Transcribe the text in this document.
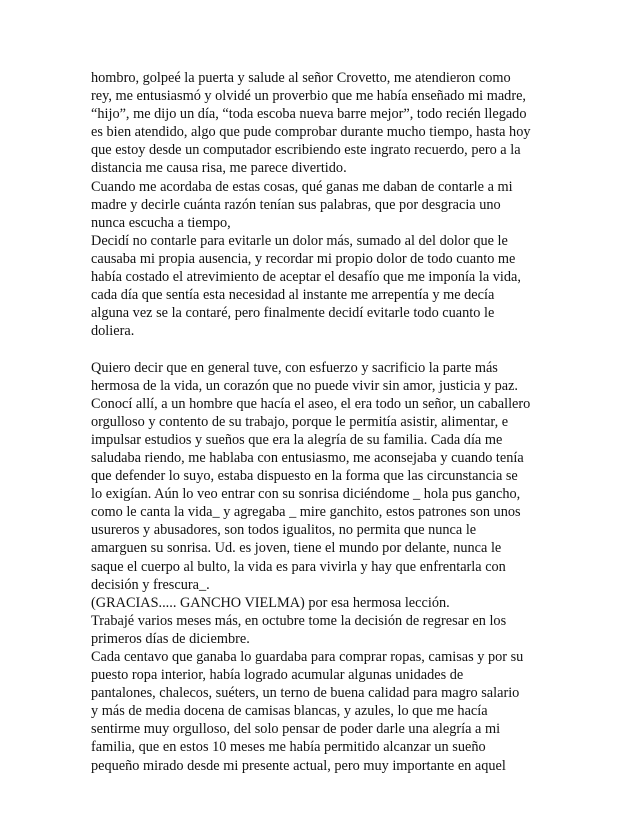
hombro, golpeé la puerta y salude al señor Crovetto, me atendieron como
rey, me entusiasmó y olvidé un proverbio que me había enseñado mi madre,
“hijo”, me dijo un día, “toda escoba nueva barre mejor”, todo recién llegado
es bien atendido, algo que pude comprobar durante mucho tiempo, hasta hoy
que estoy desde un computador escribiendo este ingrato recuerdo, pero a la
distancia me causa risa, me parece divertido.
Cuando me acordaba de estas cosas, qué ganas me daban de contarle a mi
madre y decirle cuánta razón tenían sus palabras, que por desgracia uno
nunca escucha a tiempo,
Decidí no contarle para evitarle un dolor más, sumado al del dolor que le
causaba mi propia ausencia, y recordar mi propio dolor de todo cuanto me
había costado el atrevimiento de aceptar el desafío que me imponía la vida,
cada día que sentía esta necesidad al instante me arrepentía y me decía
alguna vez se la contaré, pero finalmente decidí evitarle todo cuanto le
doliera.
Quiero decir que en general tuve, con esfuerzo y sacrificio la parte más
hermosa de la vida, un corazón que no puede vivir sin amor, justicia y paz.
Conocí allí, a un hombre que hacía el aseo, el era todo un señor, un caballero
orgulloso y contento de su trabajo, porque le permitía asistir, alimentar, e
impulsar estudios y sueños que era la alegría de su familia. Cada día me
saludaba riendo, me hablaba con entusiasmo, me aconsejaba y cuando tenía
que defender lo suyo, estaba dispuesto en la forma que las circunstancia se
lo exigían. Aún lo veo entrar con su sonrisa diciéndome _ hola pus gancho,
como le canta la vida_ y agregaba _ mire ganchito, estos patrones son unos
usureros y abusadores, son todos igualitos, no permita que nunca le
amarguen su sonrisa. Ud. es joven, tiene el mundo por delante, nunca le
saque el cuerpo al bulto, la vida es para vivirla y hay que enfrentarla con
decisión y frescura_.
(GRACIAS..... GANCHO VIELMA) por esa hermosa lección.
Trabajé varios meses más, en octubre tome la decisión de regresar en los
primeros días de diciembre.
Cada centavo que ganaba lo guardaba para comprar ropas, camisas y por su
puesto ropa interior, había logrado acumular algunas unidades de
pantalones, chalecos, suéters, un terno de buena calidad para magro salario
y más de media docena de camisas blancas, y azules, lo que me hacía
sentirme muy orgulloso, del solo pensar de poder darle una alegría a mi
familia, que en estos 10 meses me había permitido alcanzar un sueño
pequeño mirado desde mi presente actual, pero muy importante en aquel
